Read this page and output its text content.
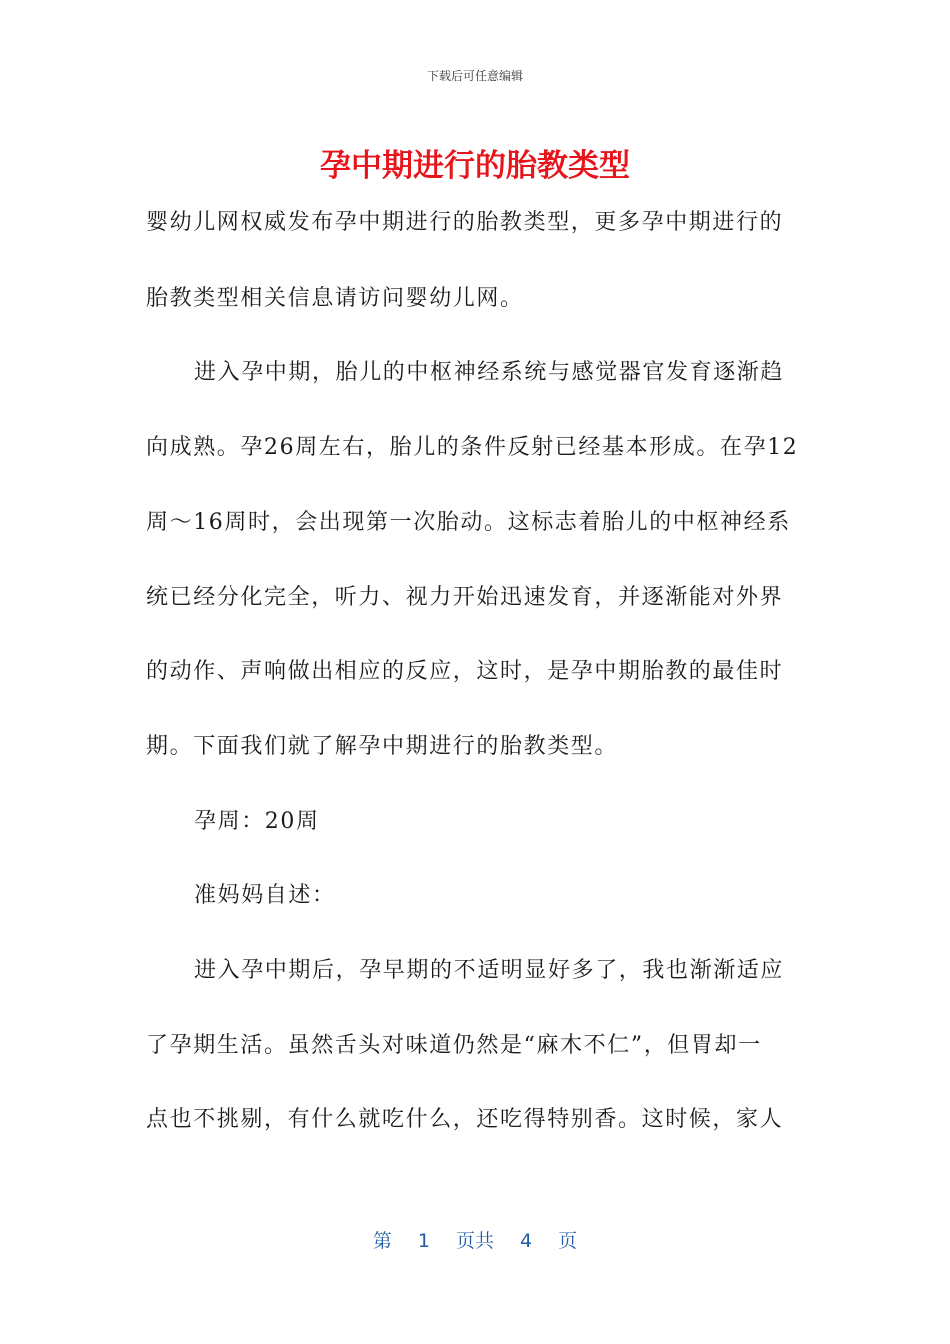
下载后可任意编辑
孕中期进行的胎教类型
婴幼儿网权威发布孕中期进行的胎教类型，更多孕中期进行的
胎教类型相关信息请访问婴幼儿网。
进入孕中期，胎儿的中枢神经系统与感觉器官发育逐渐趋
向成熟。孕26周左右，胎儿的条件反射已经基本形成。在孕12
周～16周时，会出现第一次胎动。这标志着胎儿的中枢神经系
统已经分化完全，听力、视力开始迅速发育，并逐渐能对外界
的动作、声响做出相应的反应，这时，是孕中期胎教的最佳时
期。下面我们就了解孕中期进行的胎教类型。
孕周：20周
准妈妈自述：
进入孕中期后，孕早期的不适明显好多了，我也渐渐适应
了孕期生活。虽然舌头对味道仍然是“麻木不仁”，但胃却一
点也不挑剔，有什么就吃什么，还吃得特别香。这时候，家人
第 1 页共 4 页
